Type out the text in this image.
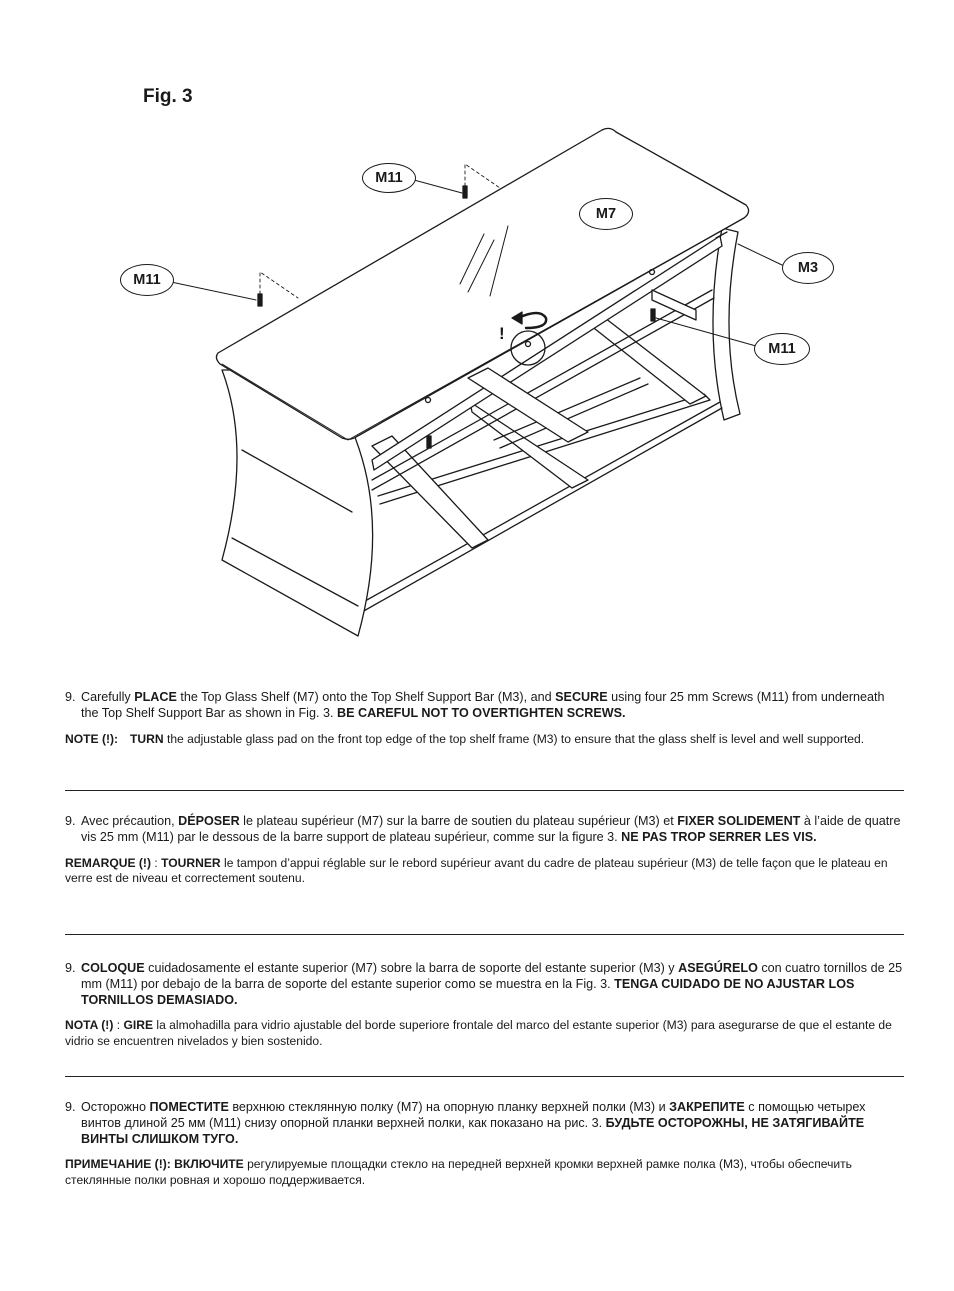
Fig. 3
M11
M7
M3
M11
M11
!
9. Carefully PLACE the Top Glass Shelf (M7) onto the Top Shelf Support Bar (M3), and SECURE using four 25 mm Screws (M11) from underneath the Top Shelf Support Bar as shown in Fig. 3. BE CAREFUL NOT TO OVERTIGHTEN SCREWS.
NOTE (!): TURN the adjustable glass pad on the front top edge of the top shelf frame (M3) to ensure that the glass shelf is level and well supported.
9. Avec précaution, DÉPOSER le plateau supérieur (M7) sur la barre de soutien du plateau supérieur (M3) et FIXER SOLIDEMENT à l’aide de quatre vis 25 mm (M11) par le dessous de la barre support de plateau supérieur, comme sur la figure 3. NE PAS TROP SERRER LES VIS.
REMARQUE (!) : TOURNER le tampon d’appui réglable sur le rebord supérieur avant du cadre de plateau supérieur (M3) de telle façon que le plateau en verre est de niveau et correctement soutenu.
9. COLOQUE cuidadosamente el estante superior (M7) sobre la barra de soporte del estante superior (M3) y ASEGÚRELO con cuatro tornillos de 25 mm (M11) por debajo de la barra de soporte del estante superior como se muestra en la Fig. 3. TENGA CUIDADO DE NO AJUSTAR LOS TORNILLOS DEMASIADO.
NOTA (!) : GIRE la almohadilla para vidrio ajustable del borde superiore frontale del marco del estante superior (M3) para asegurarse de que el estante de vidrio se encuentren nivelados y bien sostenido.
9. Осторожно ПОМЕСТИТЕ верхнюю стеклянную полку (M7) на опорную планку верхней полки (M3) и ЗАКРЕПИТЕ с помощью четырех винтов длиной 25 мм (M11) снизу опорной планки верхней полки, как показано на рис. 3. БУДЬТЕ ОСТОРОЖНЫ, НЕ ЗАТЯГИВАЙТЕ ВИНТЫ СЛИШКОМ ТУГО.
ПРИМЕЧАНИЕ (!): ВКЛЮЧИТЕ регулируемые площадки стекло на передней верхней кромки верхней рамке полка (M3), чтобы обеспечить стеклянные полки ровная и хорошо поддерживается.
